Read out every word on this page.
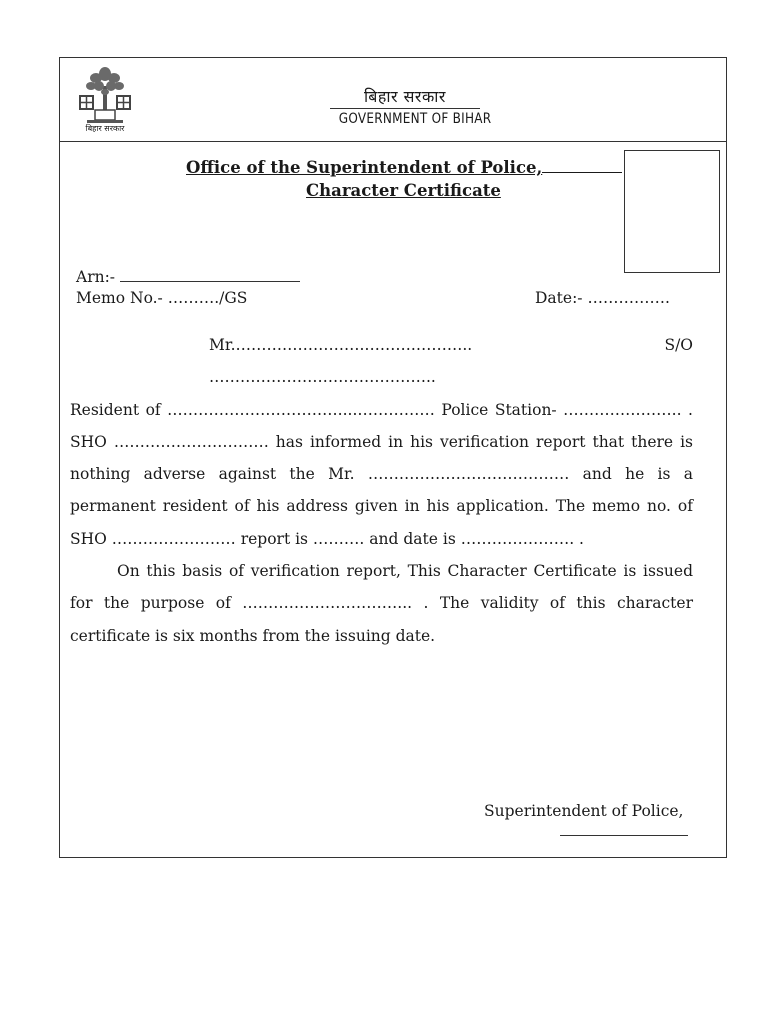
बिहार सरकार
बिहार सरकार
GOVERNMENT OF BIHAR
Office of the Superintendent of Police,
Character Certificate
Arn:-
Memo No.- ………./GS	Date:- …………….

Mr.…………………….……….……….. S/O ……………………………………..

Resident of ……………………………....…………… Police Station- ………………….. . SHO ………………………… has informed in his verification report that there is nothing adverse against the Mr. ………………………………… and he is a permanent resident of his address given in his application. The memo no. of SHO …………………… report is ………. and date is …………………. .

On this basis of verification report, This Character Certificate is issued for the purpose of …………………………... . The validity of this character certificate is six months from the issuing date.

Superintendent of Police,
